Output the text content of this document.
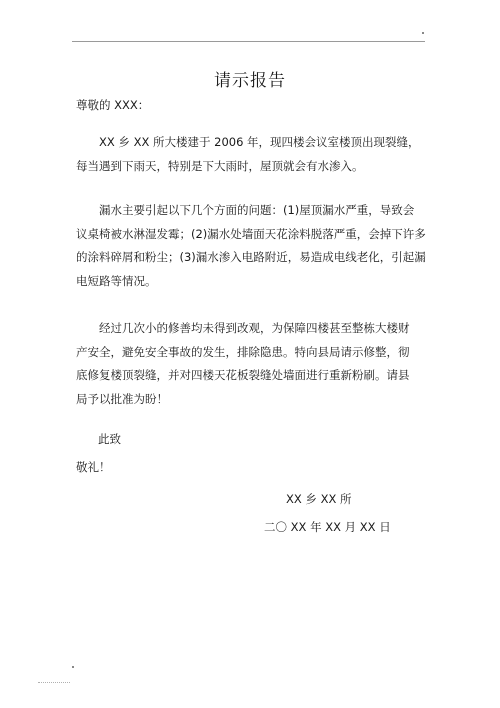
请示报告

尊敬的 XXX：

　　XX 乡 XX 所大楼建于 2006 年，现四楼会议室楼顶出现裂缝，
每当遇到下雨天，特别是下大雨时，屋顶就会有水渗入。

　　漏水主要引起以下几个方面的问题：(1)屋顶漏水严重，导致会
议桌椅被水淋湿发霉；(2)漏水处墙面天花涂料脱落严重，会掉下许多
的涂料碎屑和粉尘；(3)漏水渗入电路附近，易造成电线老化，引起漏
电短路等情况。

　　经过几次小的修善均未得到改观，为保障四楼甚至整栋大楼财
产安全，避免安全事故的发生，排除隐患。特向县局请示修整，彻
底修复楼顶裂缝，并对四楼天花板裂缝处墙面进行重新粉刷。请县
局予以批准为盼！

此致

敬礼！

XX 乡 XX 所

二〇 XX 年 XX 月 XX 日
